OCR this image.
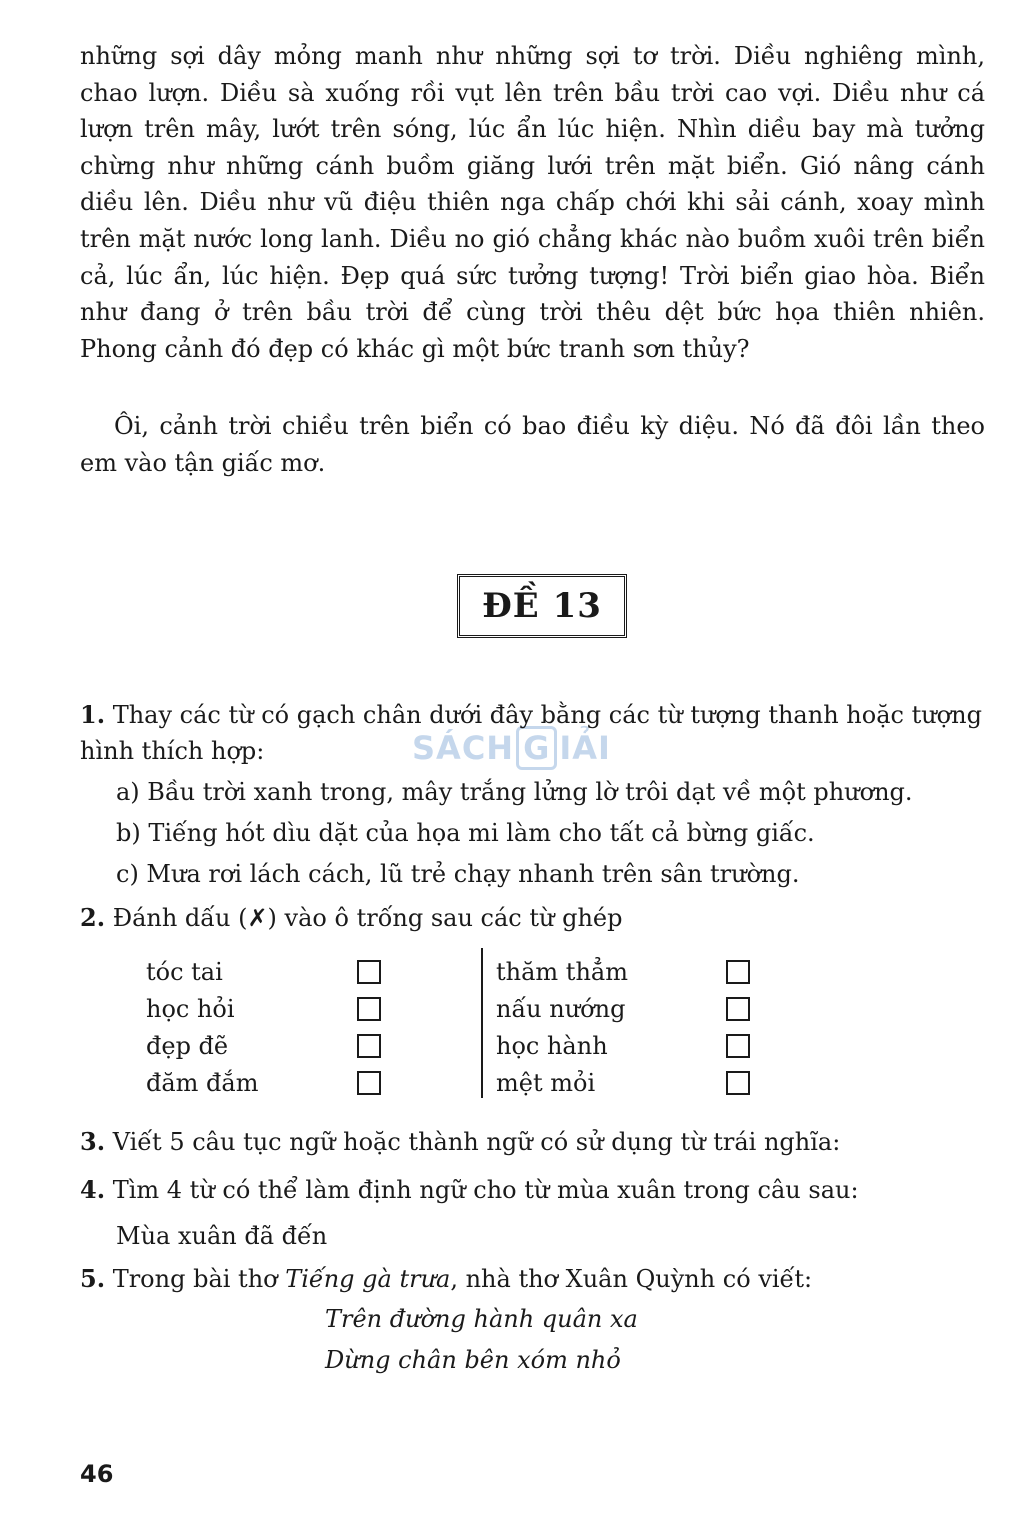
những sợi dây mỏng manh như những sợi tơ trời. Diều nghiêng mình, chao lượn. Diều sà xuống rồi vụt lên trên bầu trời cao vợi. Diều như cá lượn trên mây, lướt trên sóng, lúc ẩn lúc hiện. Nhìn diều bay mà tưởng chừng như những cánh buồm giăng lưới trên mặt biển. Gió nâng cánh diều lên. Diều như vũ điệu thiên nga chấp chới khi sải cánh, xoay mình trên mặt nước long lanh. Diều no gió chẳng khác nào buồm xuôi trên biển cả, lúc ẩn, lúc hiện. Đẹp quá sức tưởng tượng! Trời biển giao hòa. Biển như đang ở trên bầu trời để cùng trời thêu dệt bức họa thiên nhiên. Phong cảnh đó đẹp có khác gì một bức tranh sơn thủy?

Ôi, cảnh trời chiều trên biển có bao điều kỳ diệu. Nó đã đôi lần theo em vào tận giấc mơ.

ĐỀ 13
SÁCH G IẢI
1. Thay các từ có gạch chân dưới đây bằng các từ tượng thanh hoặc tượng hình thích hợp:
a) Bầu trời xanh trong, mây trắng lửng lờ trôi dạt về một phương.
b) Tiếng hót dìu dặt của họa mi làm cho tất cả bừng giấc.
c) Mưa rơi lách cách, lũ trẻ chạy nhanh trên sân trường.
2. Đánh dấu (✗) vào ô trống sau các từ ghép
tóc tai
học hỏi
đẹp đẽ
đăm đắm
thăm thẳm
nấu nướng
học hành
mệt mỏi
3. Viết 5 câu tục ngữ hoặc thành ngữ có sử dụng từ trái nghĩa:
4. Tìm 4 từ có thể làm định ngữ cho từ mùa xuân trong câu sau:
Mùa xuân đã đến
5. Trong bài thơ Tiếng gà trưa, nhà thơ Xuân Quỳnh có viết:
Trên đường hành quân xa
Dừng chân bên xóm nhỏ
46
